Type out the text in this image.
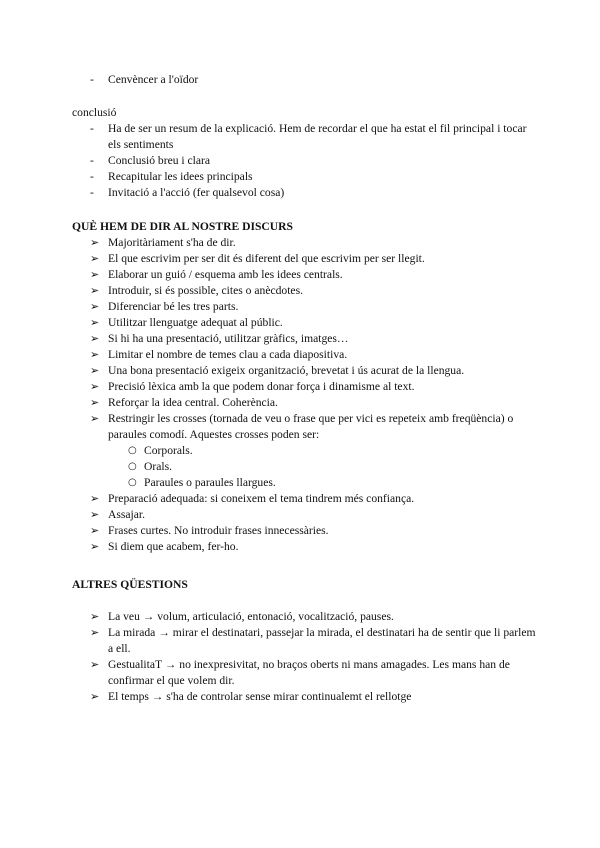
- Cenvèncer a l'oïdor
conclusió
- Ha de ser un resum de la explicació. Hem de recordar el que ha estat el fil principal i tocar els sentiments
- Conclusió breu i clara
- Recapitular les idees principals
- Invitació a l'acció (fer qualsevol cosa)
QUÈ HEM DE DIR AL NOSTRE DISCURS
➢ Majoritàriament s'ha de dir.
➢ El que escrivim per ser dit és diferent del que escrivim per ser llegit.
➢ Elaborar un guió / esquema amb les idees centrals.
➢ Introduir, si és possible, cites o anècdotes.
➢ Diferenciar bé les tres parts.
➢ Utilitzar llenguatge adequat al públic.
➢ Si hi ha una presentació, utilitzar gràfics, imatges…
➢ Limitar el nombre de temes clau a cada diapositiva.
➢ Una bona presentació exigeix organització, brevetat i ús acurat de la llengua.
➢ Precisió lèxica amb la que podem donar força i dinamisme al text.
➢ Reforçar la idea central. Coherència.
➢ Restringir les crosses (tornada de veu o frase que per vici es repeteix amb freqüència) o paraules comodí. Aquestes crosses poden ser:
○ Corporals.
○ Orals.
○ Paraules o paraules llargues.
➢ Preparació adequada: si coneixem el tema tindrem més confiança.
➢ Assajar.
➢ Frases curtes. No introduir frases innecessàries.
➢ Si diem que acabem, fer-ho.
ALTRES QÜESTIONS
➢ La veu → volum, articulació, entonació, vocalització, pauses.
➢ La mirada → mirar el destinatari, passejar la mirada, el destinatari ha de sentir que li parlem a ell.
➢ GestualitaT → no inexpresivitat, no braços oberts ni mans amagades. Les mans han de confirmar el que volem dir.
➢ El temps → s'ha de controlar sense mirar continualemt el rellotge
